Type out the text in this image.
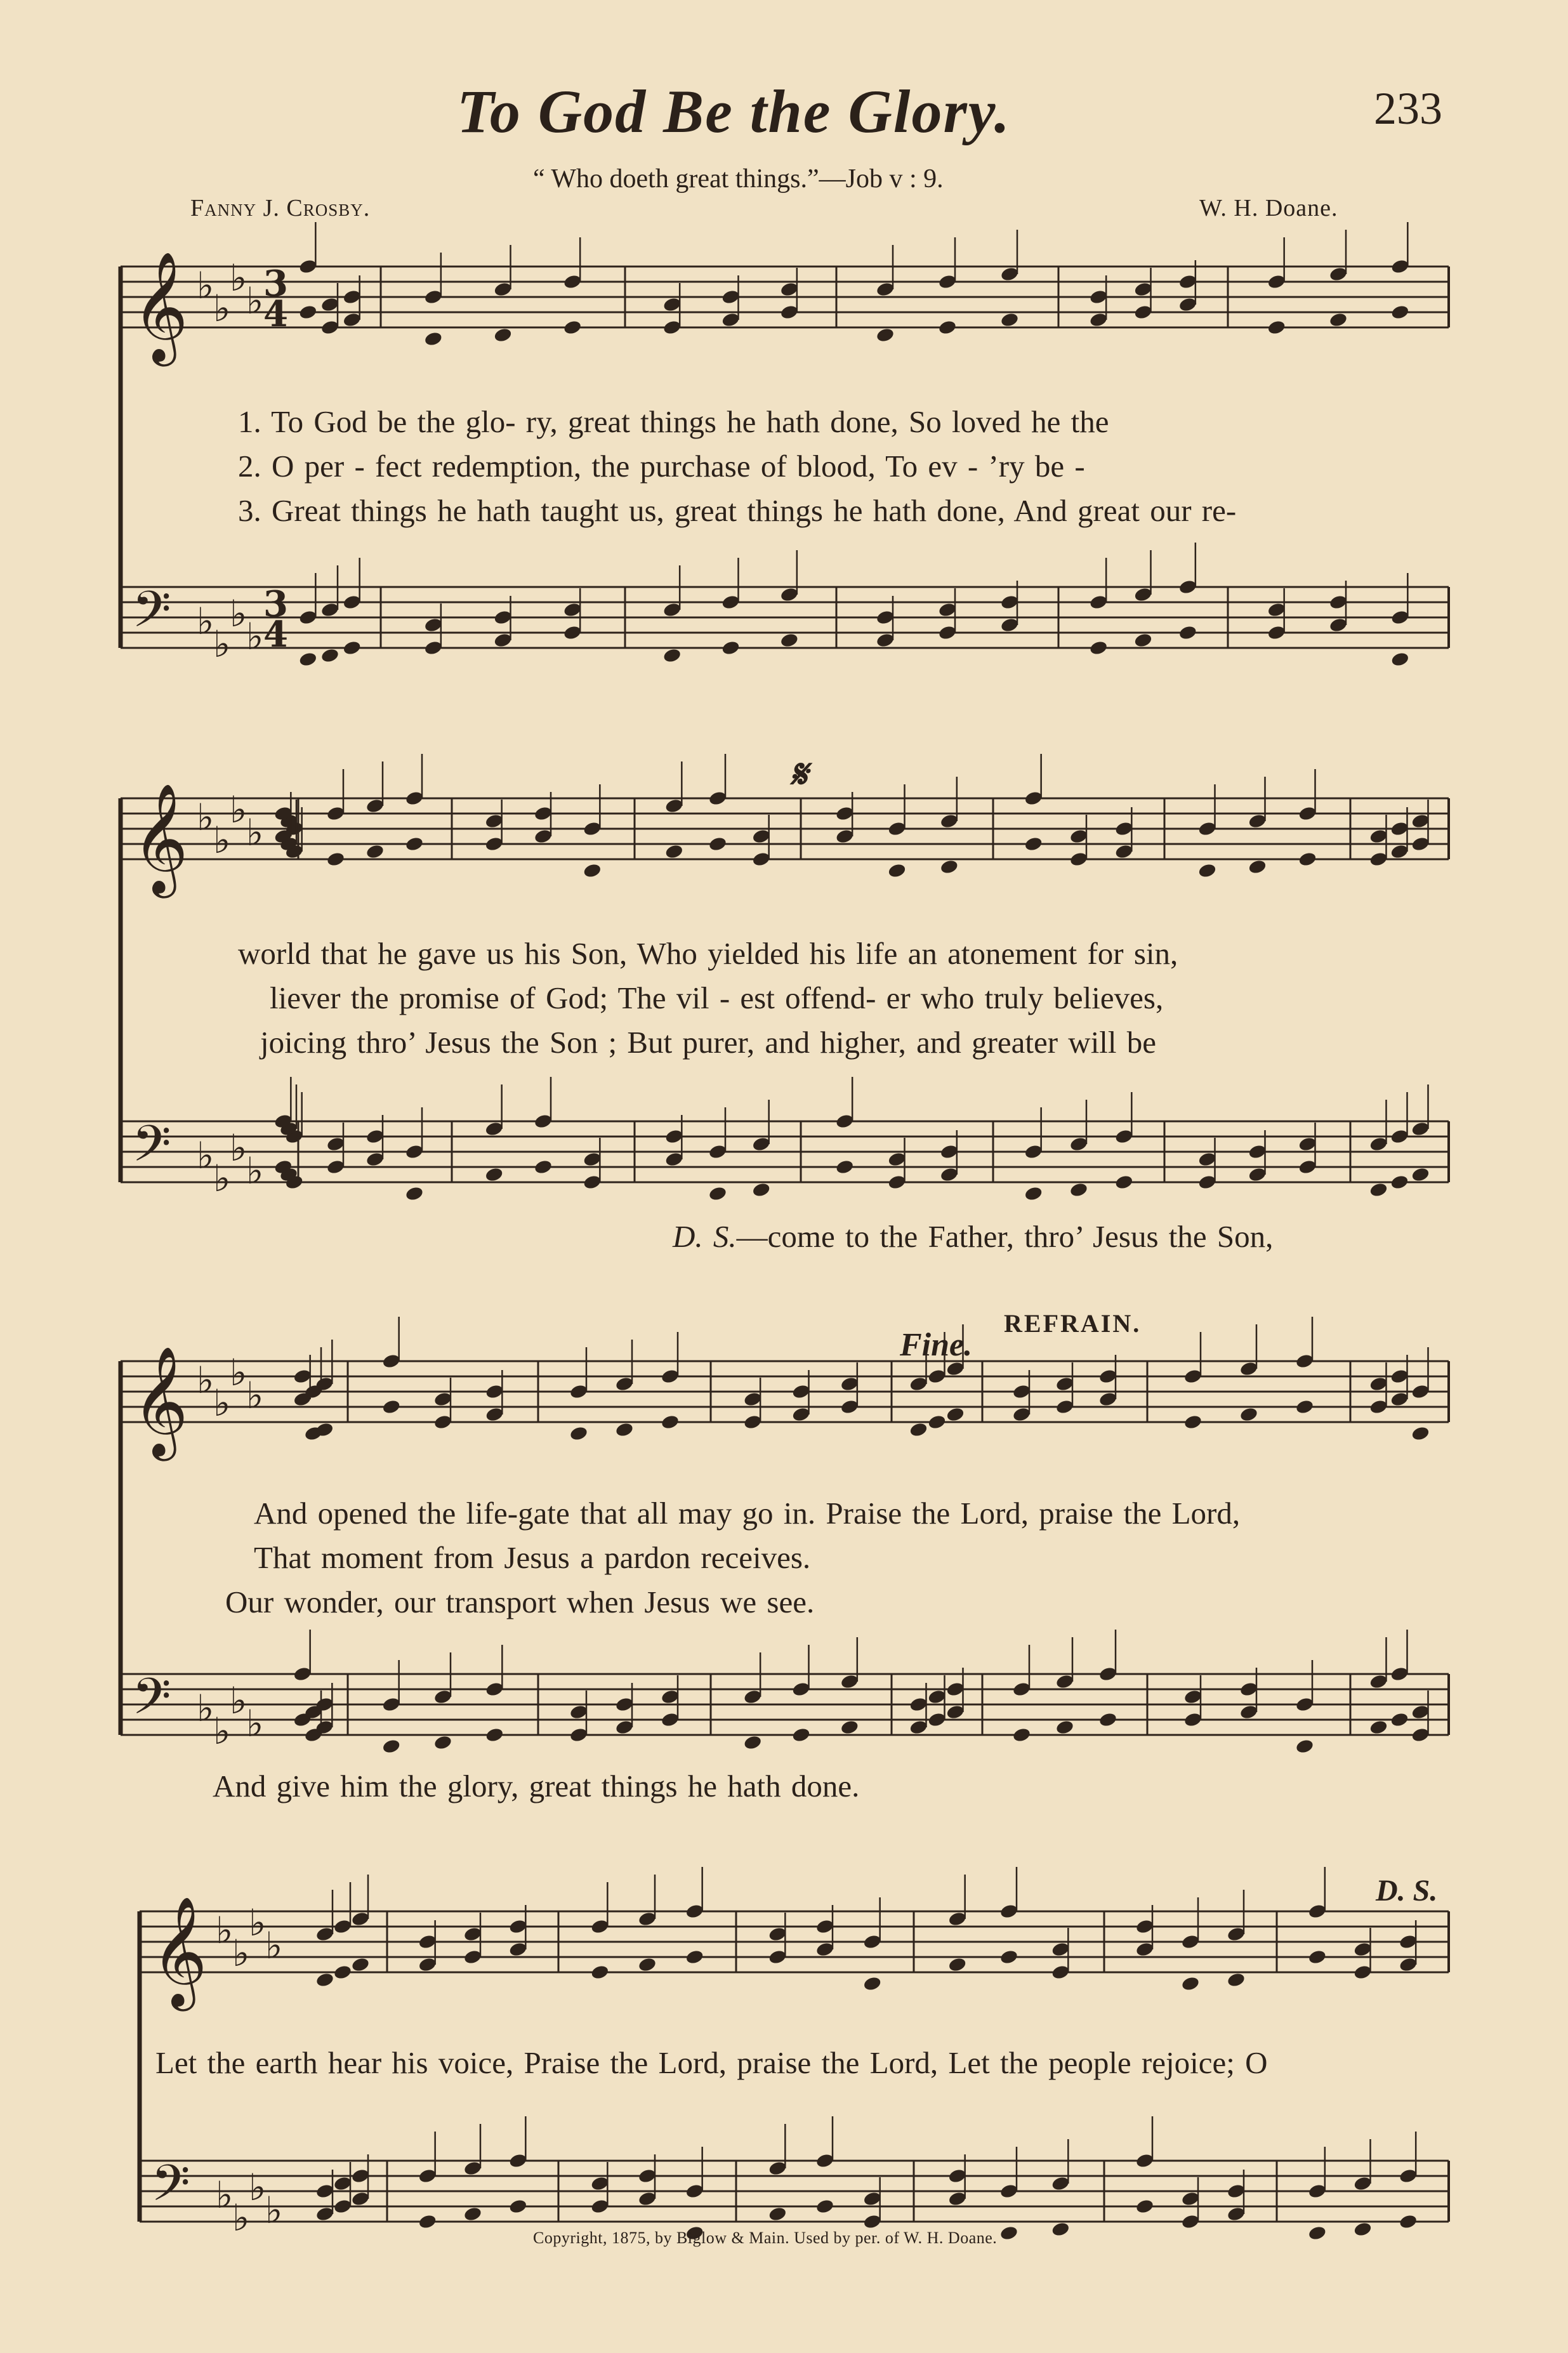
𝄞 ♭
♭
♭
♭
𝄢 ♭
♭
♭
♭
3
4
3
4
𝄞 ♭
♭
♭
♭
𝄢 ♭
♭
♭
♭
𝄞 ♭
♭
♭
♭
𝄢 ♭
♭
♭
♭
𝄞 ♭
♭
♭
♭
𝄢 ♭
♭
♭
♭
To God Be the Glory.	233
“ Who doeth great things.”—Job v : 9.
Fanny J. Crosby.	W. H. Doane.
1. To God be the glo- ry, great things he hath done, So loved he the
2. O per - fect redemption, the purchase of blood, To ev - ’ry be -
3. Great things he hath taught us, great things he hath done, And great our re-
𝄋
world that he gave us his Son, Who yielded his life an atonement for sin,
liever the promise of God; The vil - est offend- er who truly believes,
joicing thro’ Jesus the Son ; But purer, and higher, and greater will be
D. S.—come to the Father, thro’ Jesus the Son,
Fine.
REFRAIN.
And opened the life-gate that all may go in. Praise the Lord, praise the Lord,
That moment from Jesus a pardon receives.
Our wonder, our transport when Jesus we see.
And give him the glory, great things he hath done.
D. S.
Let the earth hear his voice, Praise the Lord, praise the Lord, Let the people rejoice; O
Copyright, 1875, by Biglow & Main. Used by per. of W. H. Doane.
